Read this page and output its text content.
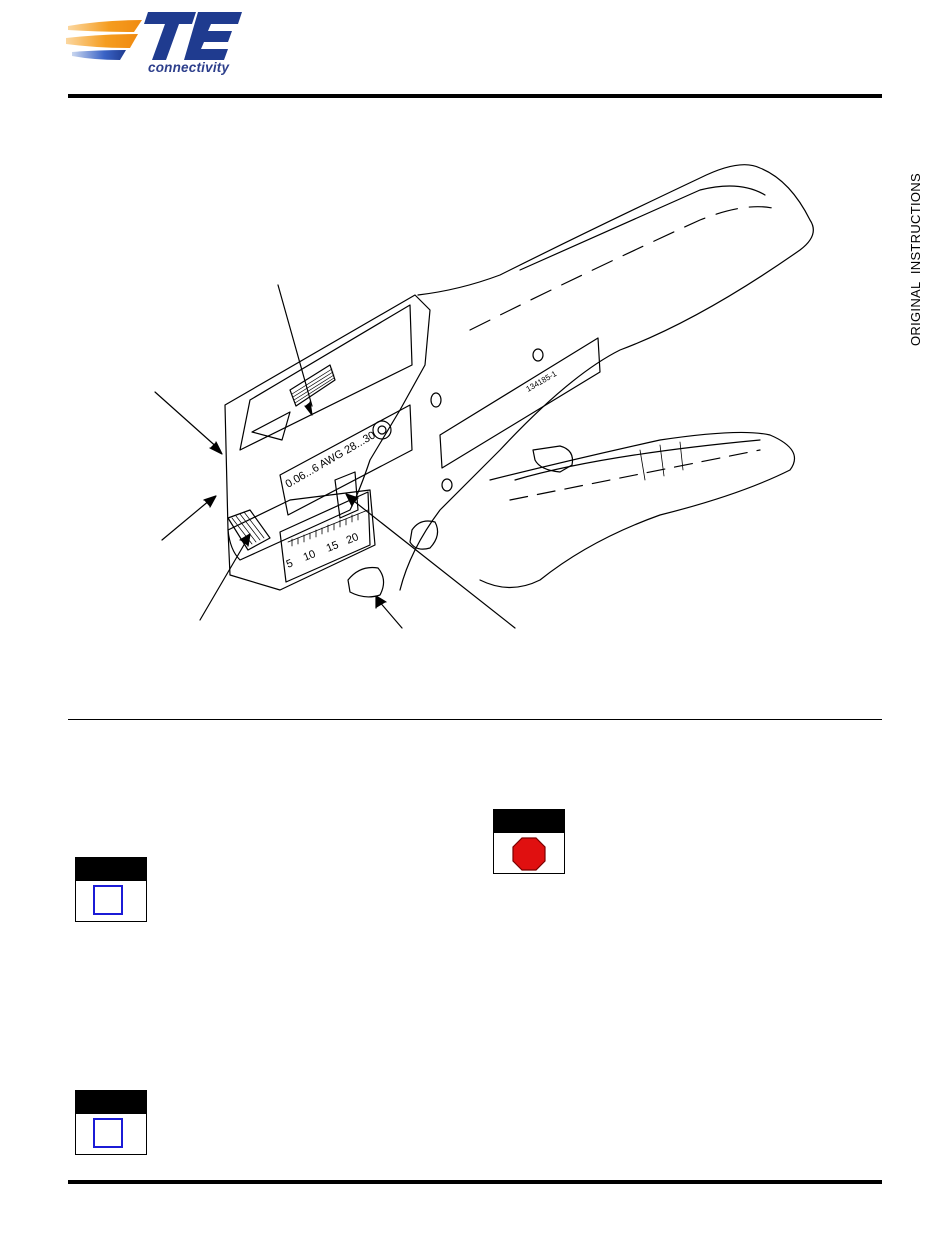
connectivity
ORIGINAL  INSTRUCTIONS
134185-1
0.06...6 AWG 28...30
5
10
15
20
